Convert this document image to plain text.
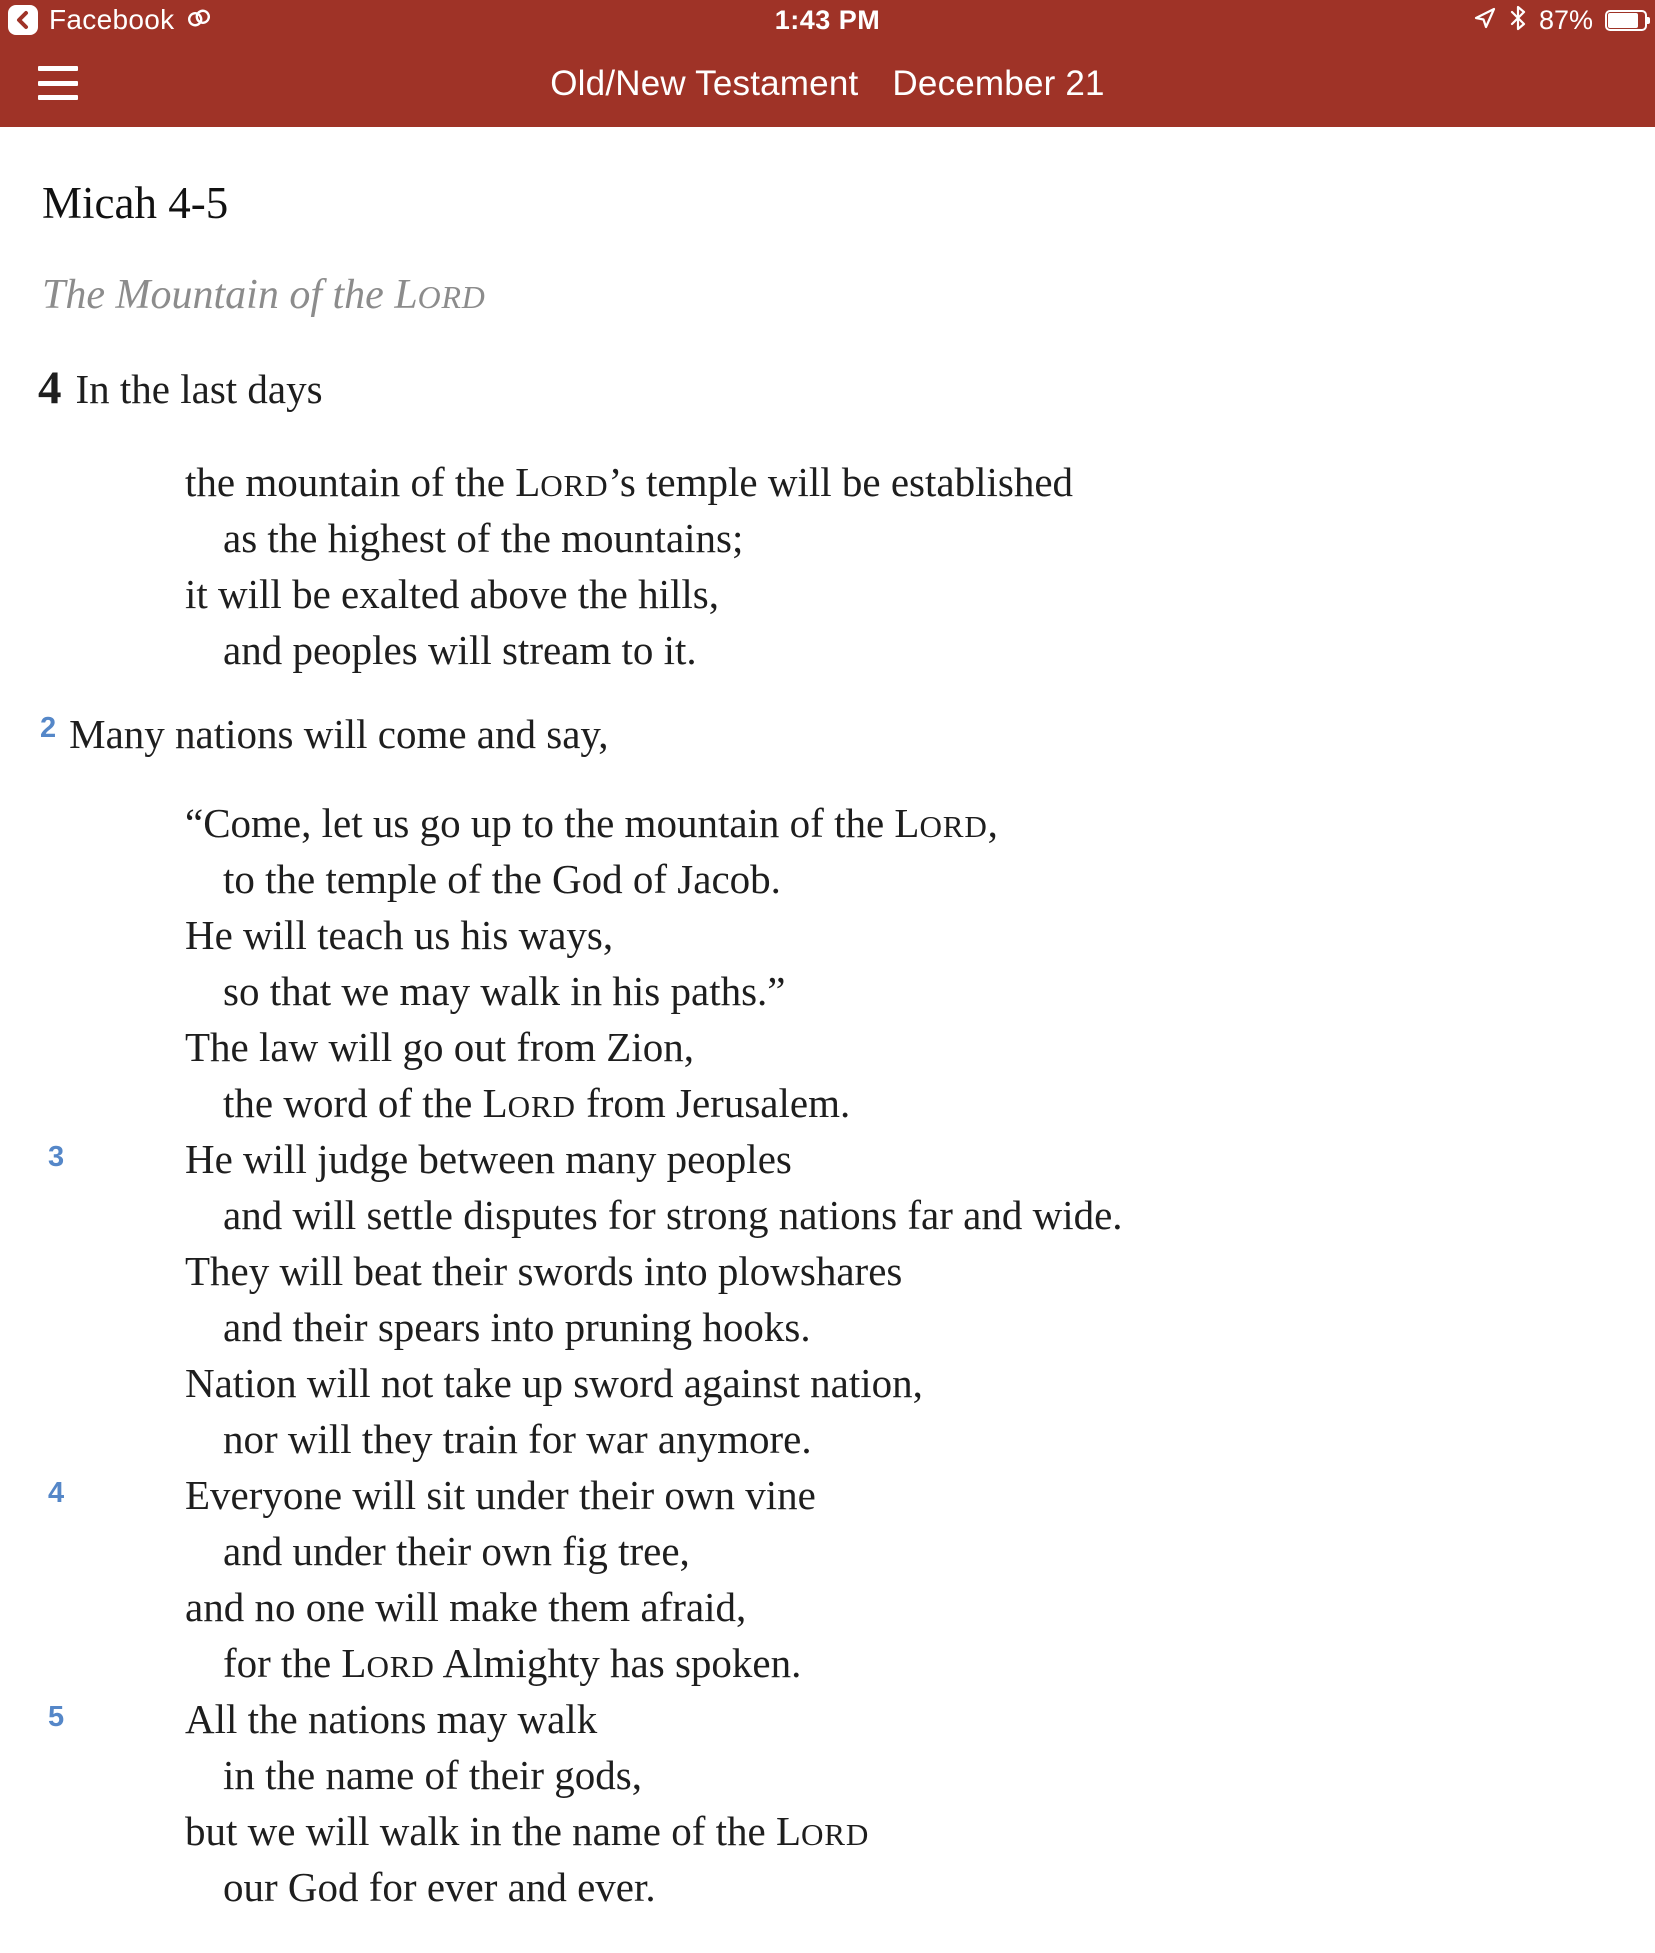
Facebook	1:43 PM	87%
Old/New Testament December 21
Micah 4-5
The Mountain of the LORD

4 In the last days

the mountain of the LORD’s temple will be established
as the highest of the mountains;
it will be exalted above the hills,
and peoples will stream to it.

$^2$ Many nations will come and say,

“Come, let us go up to the mountain of the LORD,
to the temple of the God of Jacob.
He will teach us his ways,
so that we may walk in his paths.”
The law will go out from Zion,
the word of the LORD from Jerusalem.
3	He will judge between many peoples
and will settle disputes for strong nations far and wide.
They will beat their swords into plowshares
and their spears into pruning hooks.
Nation will not take up sword against nation,
nor will they train for war anymore.
4	Everyone will sit under their own vine
and under their own fig tree,
and no one will make them afraid,
for the LORD Almighty has spoken.
5	All the nations may walk
in the name of their gods,
but we will walk in the name of the LORD
our God for ever and ever.
